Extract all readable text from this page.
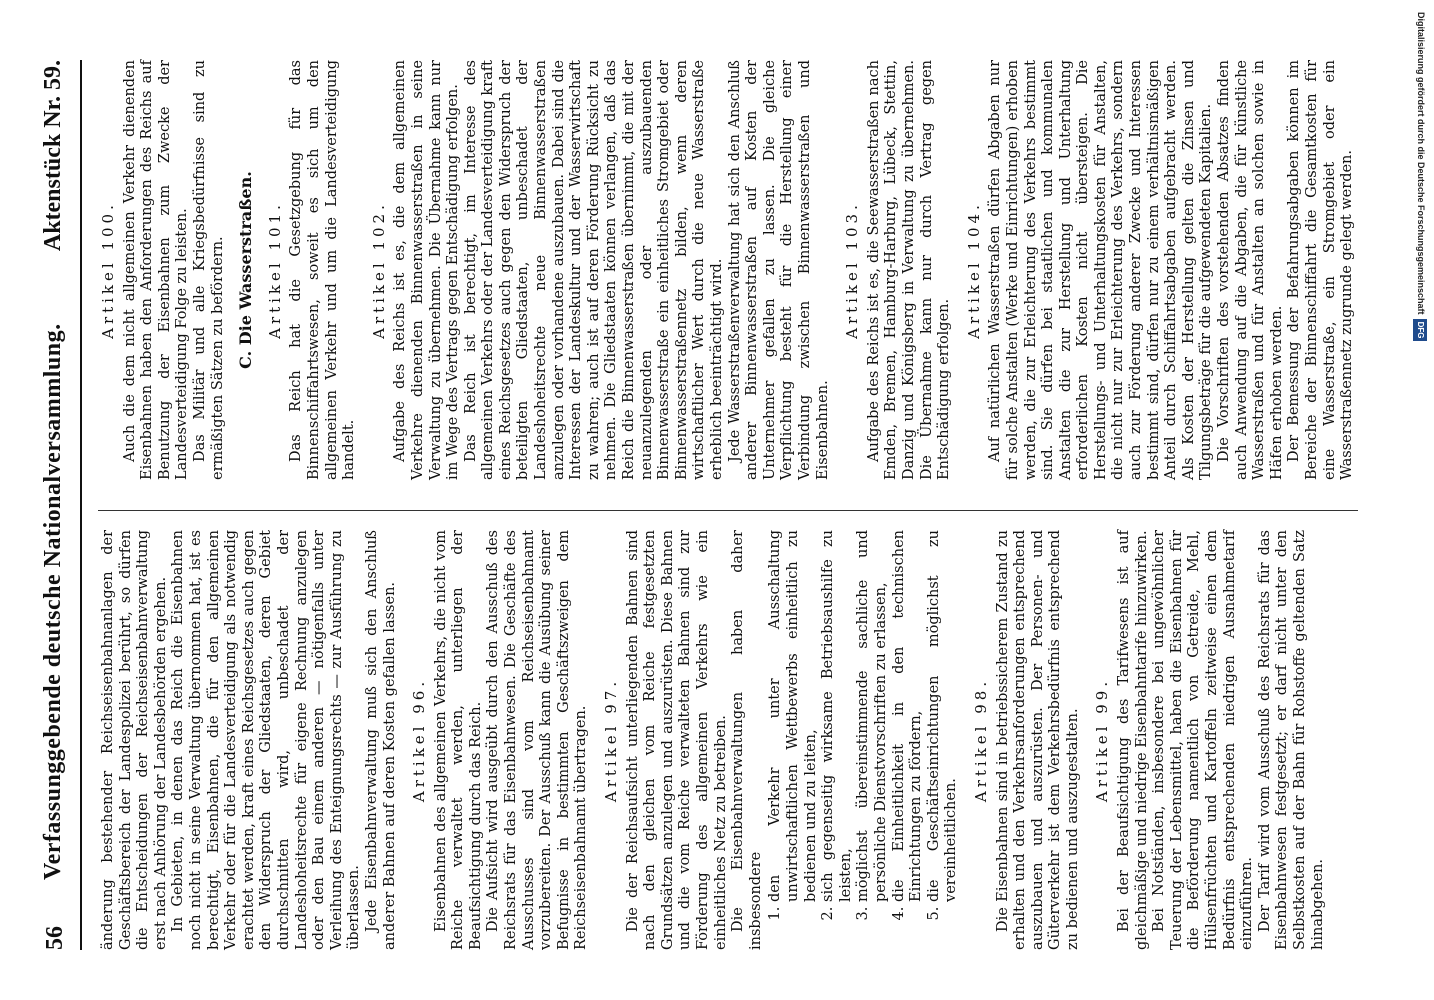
56
Verfassunggebende deutsche Nationalversammlung.
Aktenstück Nr. 59.

änderung bestehender Reichseisenbahnanlagen der Geschäftsbereich der Landespolizei berührt, so dürfen die Entscheidungen der Reichseisenbahnverwaltung erst nach Anhörung der Landesbehörden ergehen. In Gebieten, in denen das Reich die Eisenbahnen noch nicht in seine Verwaltung übernommen hat, ist es berechtigt, Eisenbahnen, die für den allgemeinen Verkehr oder für die Landesverteidigung als notwendig erachtet werden, kraft eines Reichsgesetzes auch gegen den Widerspruch der Gliedstaaten, deren Gebiet durchschnitten wird, unbeschadet der Landeshoheitsrechte für eigene Rechnung anzulegen oder den Bau einem anderen — nötigenfalls unter Verleihung des Enteignungsrechts — zur Ausführung zu überlassen. Jede Eisenbahnverwaltung muß sich den Anschluß anderer Bahnen auf deren Kosten gefallen lassen. Artikel 96. Eisenbahnen des allgemeinen Verkehrs, die nicht vom Reiche verwaltet werden, unterliegen der Beaufsichtigung durch das Reich. Die Aufsicht wird ausgeübt durch den Ausschuß des Reichsrats für das Eisenbahnwesen. Die Geschäfte des Ausschusses sind vom Reichseisenbahnamt vorzubereiten. Der Ausschuß kann die Ausübung seiner Befugnisse in bestimmten Geschäftszweigen dem Reichseisenbahnamt übertragen. Artikel 97. Die der Reichsaufsicht unterliegenden Bahnen sind nach den gleichen vom Reiche festgesetzten Grundsätzen anzulegen und auszurüsten. Diese Bahnen und die vom Reiche verwalteten Bahnen sind zur Förderung des allgemeinen Verkehrs wie ein einheitliches Netz zu betreiben. Die Eisenbahnverwaltungen haben daher insbesondere 1. den Verkehr unter Ausschaltung unwirtschaftlichen Wettbewerbs einheitlich zu bedienen und zu leiten, 2. sich gegenseitig wirksame Betriebsaushilfe zu leisten, 3. möglichst übereinstimmende sachliche und persönliche Dienstvorschriften zu erlassen, 4. die Einheitlichkeit in den technischen Einrichtungen zu fördern, 5. die Geschäftseinrichtungen möglichst zu vereinheitlichen.
Artikel 98. Die Eisenbahnen sind in betriebssicherem Zustand zu erhalten und den Verkehrsanforderungen entsprechend auszubauen und auszurüsten. Der Personen- und Güterverkehr ist dem Verkehrsbedürfnis entsprechend zu bedienen und auszugestalten. Artikel 99. Bei der Beaufsichtigung des Tarifwesens ist auf gleichmäßige und niedrige Eisenbahntarife hinzuwirken. Bei Notständen, insbesondere bei ungewöhnlicher Teuerung der Lebensmittel, haben die Eisenbahnen für die Beförderung namentlich von Getreide, Mehl, Hülsenfrüchten und Kartoffeln zeitweise einen dem Bedürfnis entsprechenden niedrigen Ausnahmetarif einzuführen. Der Tarif wird vom Ausschuß des Reichsrats für das Eisenbahnwesen festgesetzt; er darf nicht unter den Selbstkosten auf der Bahn für Rohstoffe geltenden Satz hinabgehen.

Artikel 100. Auch die dem nicht allgemeinen Verkehr dienenden Eisenbahnen haben den Anforderungen des Reichs auf Benutzung der Eisenbahnen zum Zwecke der Landesverteidigung Folge zu leisten. Das Militär und alle Kriegsbedürfnisse sind zu ermäßigten Sätzen zu befördern. C. Die Wasserstraßen. Artikel 101. Das Reich hat die Gesetzgebung für das Binnenschiffahrtswesen, soweit es sich um den allgemeinen Verkehr und um die Landesverteidigung handelt.

Artikel 102. Aufgabe des Reichs ist es, die dem allgemeinen Verkehre dienenden Binnenwasserstraßen in seine Verwaltung zu übernehmen. Die Übernahme kann nur im Wege des Vertrags gegen Entschädigung erfolgen. Das Reich ist berechtigt, im Interesse des allgemeinen Verkehrs oder der Landesverteidigung kraft eines Reichsgesetzes auch gegen den Widerspruch der beteiligten Gliedstaaten, unbeschadet der Landeshoheitsrechte neue Binnenwasserstraßen anzulegen oder vorhandene auszubauen. Dabei sind die Interessen der Landeskultur und der Wasserwirtschaft zu wahren; auch ist auf deren Förderung Rücksicht zu nehmen. Die Gliedstaaten können verlangen, daß das Reich die Binnenwasserstraßen übernimmt, die mit der neuanzulegenden oder auszubauenden Binnenwasserstraße ein einheitliches Stromgebiet oder Binnenwasserstraßennetz bilden, wenn deren wirtschaftlicher Wert durch die neue Wasserstraße erheblich beeinträchtigt wird. Jede Wasserstraßenverwaltung hat sich den Anschluß anderer Binnenwasserstraßen auf Kosten der Unternehmer gefallen zu lassen. Die gleiche Verpflichtung besteht für die Herstellung einer Verbindung zwischen Binnenwasserstraßen und Eisenbahnen.

Artikel 103. Aufgabe des Reichs ist es, die Seewasserstraßen nach Emden, Bremen, Hamburg-Harburg, Lübeck, Stettin, Danzig und Königsberg in Verwaltung zu übernehmen. Die Übernahme kann nur durch Vertrag gegen Entschädigung erfolgen.

Artikel 104. Auf natürlichen Wasserstraßen dürfen Abgaben nur für solche Anstalten (Werke und Einrichtungen) erhoben werden, die zur Erleichterung des Verkehrs bestimmt sind. Sie dürfen bei staatlichen und kommunalen Anstalten die zur Herstellung und Unterhaltung erforderlichen Kosten nicht übersteigen. Die Herstellungs- und Unterhaltungskosten für Anstalten, die nicht nur zur Erleichterung des Verkehrs, sondern auch zur Förderung anderer Zwecke und Interessen bestimmt sind, dürfen nur zu einem verhältnismäßigen Anteil durch Schiffahrtsabgaben aufgebracht werden. Als Kosten der Herstellung gelten die Zinsen und Tilgungsbeträge für die aufgewendeten Kapitalien. Die Vorschriften des vorstehenden Absatzes finden auch Anwendung auf die Abgaben, die für künstliche Wasserstraßen und für Anstalten an solchen sowie in Häfen erhoben werden. Der Bemessung der Befahrungsabgaben können im Bereiche der Binnenschiffahrt die Gesamtkosten für eine Wasserstraße, ein Stromgebiet oder ein Wasserstraßennetz zugrunde gelegt werden.	Digitalisierung gefördert durch die Deutsche ForschungsgemeinschaftDFG
